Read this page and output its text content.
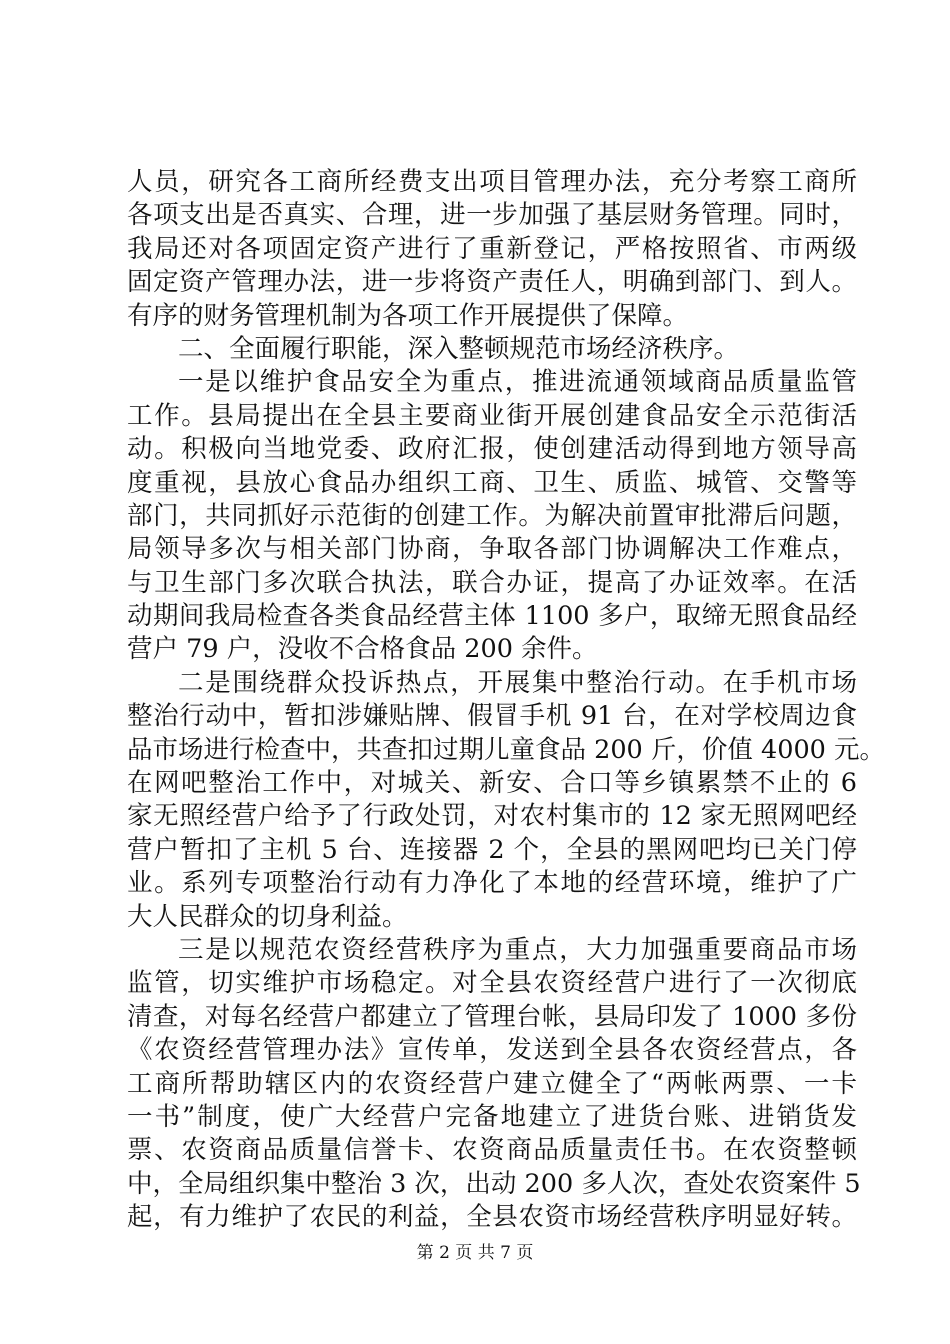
人员，研究各工商所经费支出项目管理办法，充分考察工商所
各项支出是否真实、合理，进一步加强了基层财务管理。同时，
我局还对各项固定资产进行了重新登记，严格按照省、市两级
固定资产管理办法，进一步将资产责任人，明确到部门、到人。
有序的财务管理机制为各项工作开展提供了保障。
二、全面履行职能，深入整顿规范市场经济秩序。
一是以维护食品安全为重点，推进流通领域商品质量监管
工作。县局提出在全县主要商业街开展创建食品安全示范街活
动。积极向当地党委、政府汇报，使创建活动得到地方领导高
度重视，县放心食品办组织工商、卫生、质监、城管、交警等
部门，共同抓好示范街的创建工作。为解决前置审批滞后问题，
局领导多次与相关部门协商，争取各部门协调解决工作难点，
与卫生部门多次联合执法，联合办证，提高了办证效率。在活
动期间我局检查各类食品经营主体 1100 多户，取缔无照食品经
营户 79 户，没收不合格食品 200 余件。
二是围绕群众投诉热点，开展集中整治行动。在手机市场
整治行动中，暂扣涉嫌贴牌、假冒手机 91 台，在对学校周边食
品市场进行检查中，共查扣过期儿童食品 200 斤，价值 4000 元。
在网吧整治工作中，对城关、新安、合口等乡镇累禁不止的 6
家无照经营户给予了行政处罚，对农村集市的 12 家无照网吧经
营户暂扣了主机 5 台、连接器 2 个，全县的黑网吧均已关门停
业。系列专项整治行动有力净化了本地的经营环境，维护了广
大人民群众的切身利益。
三是以规范农资经营秩序为重点，大力加强重要商品市场
监管，切实维护市场稳定。对全县农资经营户进行了一次彻底
清查，对每名经营户都建立了管理台帐，县局印发了 1000 多份
《农资经营管理办法》宣传单，发送到全县各农资经营点，各
工商所帮助辖区内的农资经营户建立健全了“两帐两票、一卡
一书”制度，使广大经营户完备地建立了进货台账、进销货发
票、农资商品质量信誉卡、农资商品质量责任书。在农资整顿
中，全局组织集中整治 3 次，出动 200 多人次，查处农资案件 5
起，有力维护了农民的利益，全县农资市场经营秩序明显好转。
第 2 页 共 7 页
